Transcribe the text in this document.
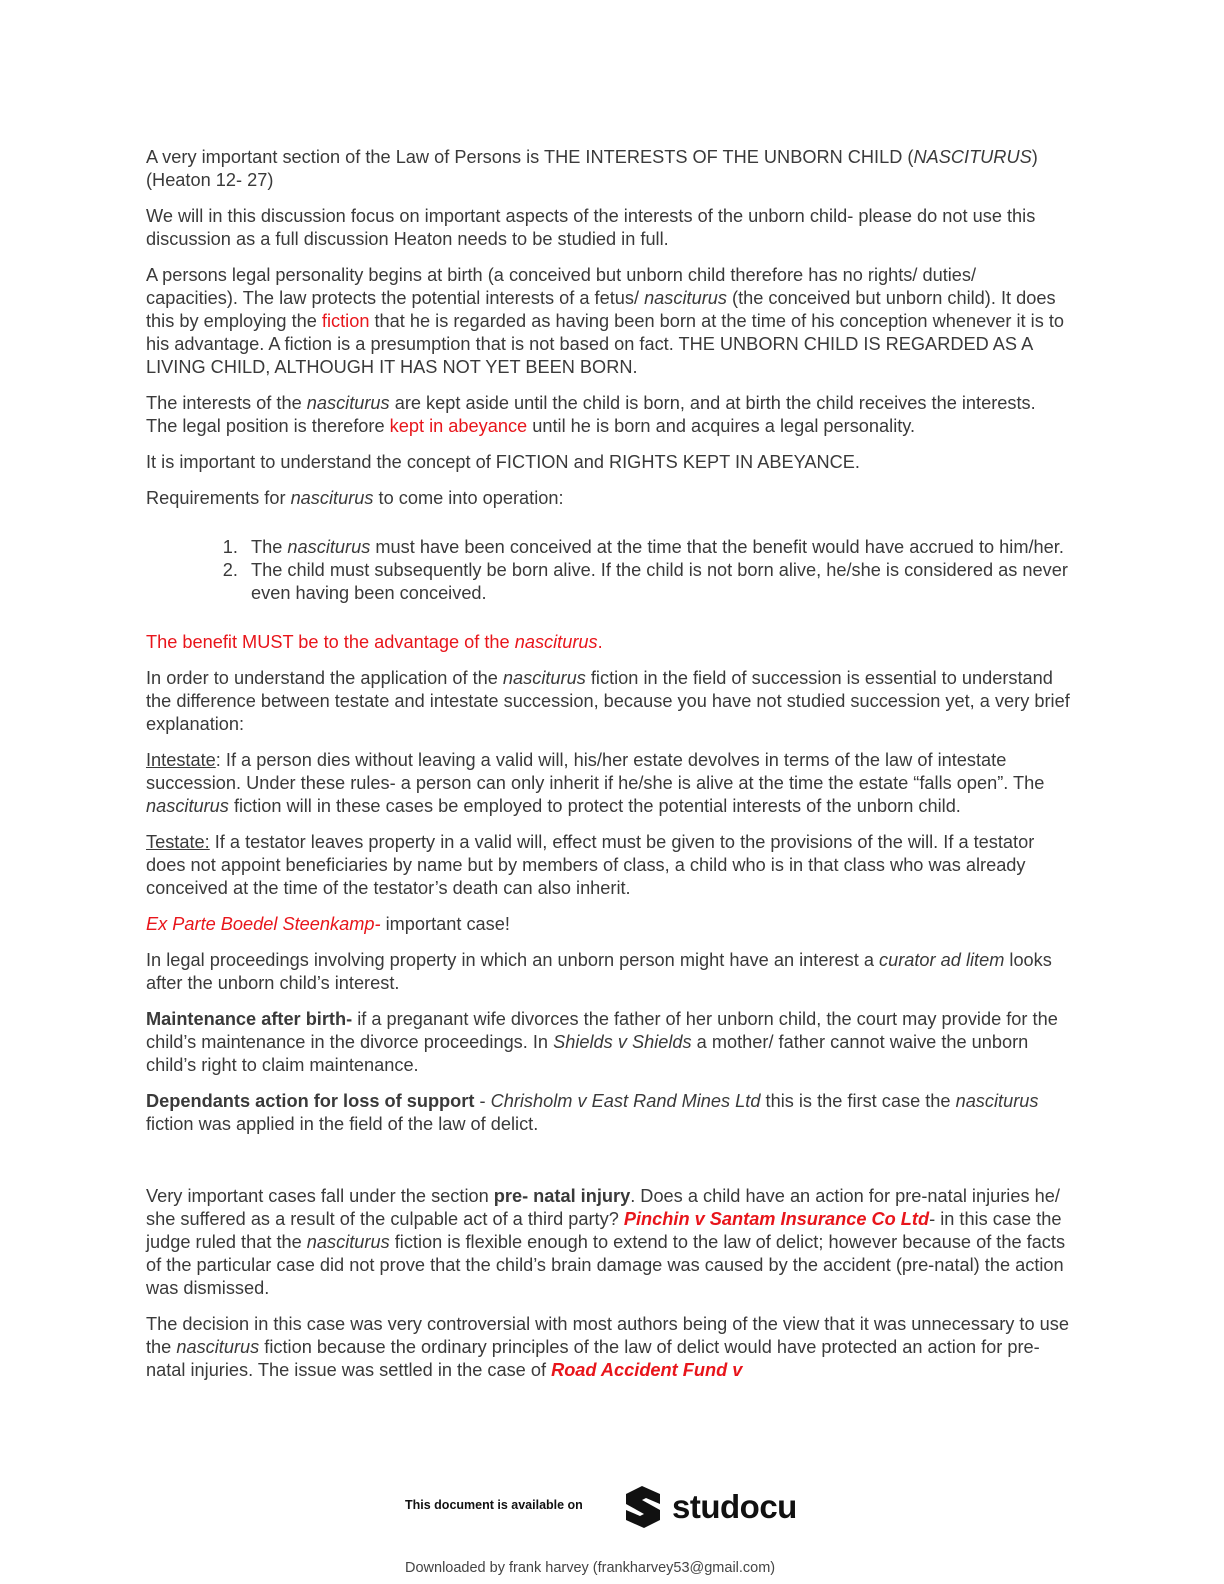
A very important section of the Law of Persons is THE INTERESTS OF THE UNBORN CHILD (NASCITURUS) (Heaton 12- 27)

We will in this discussion focus on important aspects of the interests of the unborn child- please do not use this discussion as a full discussion Heaton needs to be studied in full.

A persons legal personality begins at birth (a conceived but unborn child therefore has no rights/ duties/ capacities). The law protects the potential interests of a fetus/ nasciturus (the conceived but unborn child). It does this by employing the fiction that he is regarded as having been born at the time of his conception whenever it is to his advantage. A fiction is a presumption that is not based on fact. THE UNBORN CHILD IS REGARDED AS A LIVING CHILD, ALTHOUGH IT HAS NOT YET BEEN BORN.

The interests of the nasciturus are kept aside until the child is born, and at birth the child receives the interests. The legal position is therefore kept in abeyance until he is born and acquires a legal personality.

It is important to understand the concept of FICTION and RIGHTS KEPT IN ABEYANCE.

Requirements for nasciturus to come into operation:

1. The nasciturus must have been conceived at the time that the benefit would have accrued to him/her.
2. The child must subsequently be born alive. If the child is not born alive, he/she is considered as never even having been conceived.

The benefit MUST be to the advantage of the nasciturus.

In order to understand the application of the nasciturus fiction in the field of succession is essential to understand the difference between testate and intestate succession, because you have not studied succession yet, a very brief explanation:

Intestate: If a person dies without leaving a valid will, his/her estate devolves in terms of the law of intestate succession. Under these rules- a person can only inherit if he/she is alive at the time the estate “falls open”. The nasciturus fiction will in these cases be employed to protect the potential interests of the unborn child.

Testate: If a testator leaves property in a valid will, effect must be given to the provisions of the will. If a testator does not appoint beneficiaries by name but by members of class, a child who is in that class who was already conceived at the time of the testator’s death can also inherit.

Ex Parte Boedel Steenkamp- important case!

In legal proceedings involving property in which an unborn person might have an interest a curator ad litem looks after the unborn child’s interest.

Maintenance after birth- if a preganant wife divorces the father of her unborn child, the court may provide for the child’s maintenance in the divorce proceedings. In Shields v Shields a mother/ father cannot waive the unborn child’s right to claim maintenance.

Dependants action for loss of support - Chrisholm v East Rand Mines Ltd this is the first case the nasciturus fiction was applied in the field of the law of delict.

Very important cases fall under the section pre- natal injury. Does a child have an action for pre-natal injuries he/ she suffered as a result of the culpable act of a third party? Pinchin v Santam Insurance Co Ltd- in this case the judge ruled that the nasciturus fiction is flexible enough to extend to the law of delict; however because of the facts of the particular case did not prove that the child’s brain damage was caused by the accident (pre-natal) the action was dismissed.

The decision in this case was very controversial with most authors being of the view that it was unnecessary to use the nasciturus fiction because the ordinary principles of the law of delict would have protected an action for pre-natal injuries. The issue was settled in the case of Road Accident Fund v

This document is available on	studocu
Downloaded by frank harvey (frankharvey53@gmail.com)
